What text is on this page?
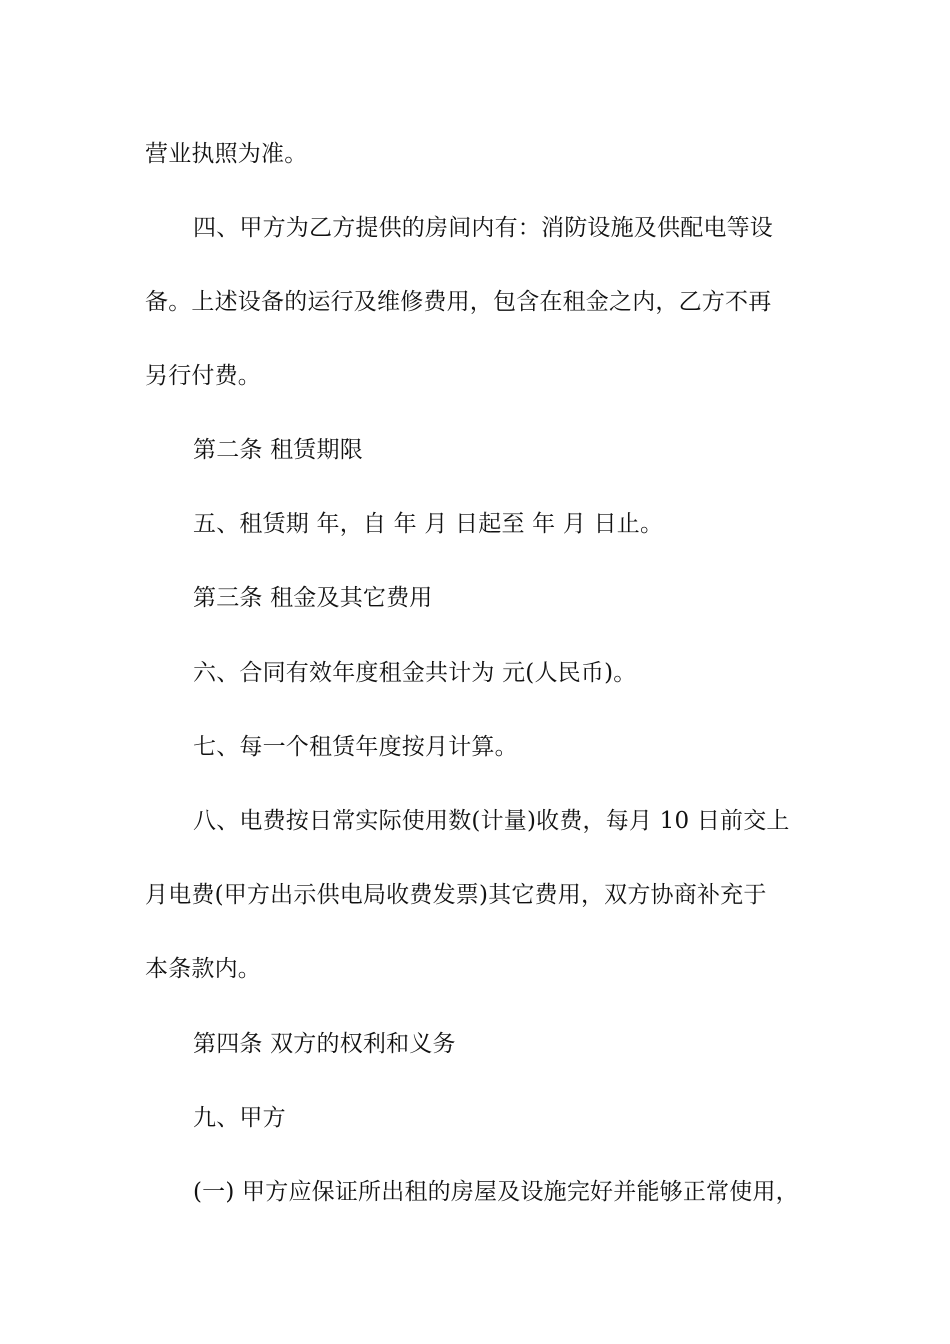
营业执照为准。
四、甲方为乙方提供的房间内有：消防设施及供配电等设
备。上述设备的运行及维修费用，包含在租金之内，乙方不再
另行付费。
第二条 租赁期限
五、租赁期 年，自 年 月 日起至 年 月 日止。
第三条 租金及其它费用
六、合同有效年度租金共计为 元(人民币)。
七、每一个租赁年度按月计算。
八、电费按日常实际使用数(计量)收费，每月 10 日前交上
月电费(甲方出示供电局收费发票)其它费用，双方协商补充于
本条款内。
第四条 双方的权利和义务
九、甲方
(一) 甲方应保证所出租的房屋及设施完好并能够正常使用，
